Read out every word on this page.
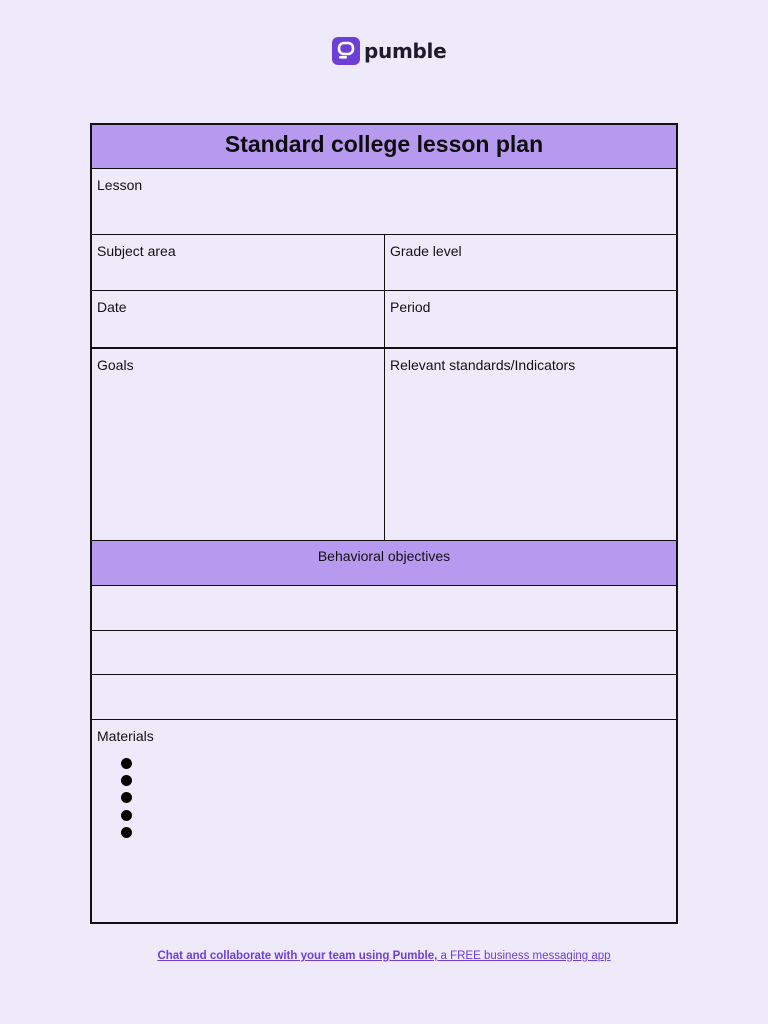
pumble
Standard college lesson plan
Lesson
Subject area	Grade level
Date	Period
Goals	Relevant standards/Indicators
Behavioral objectives
Materials
Chat and collaborate with your team using Pumble, a FREE business messaging app
